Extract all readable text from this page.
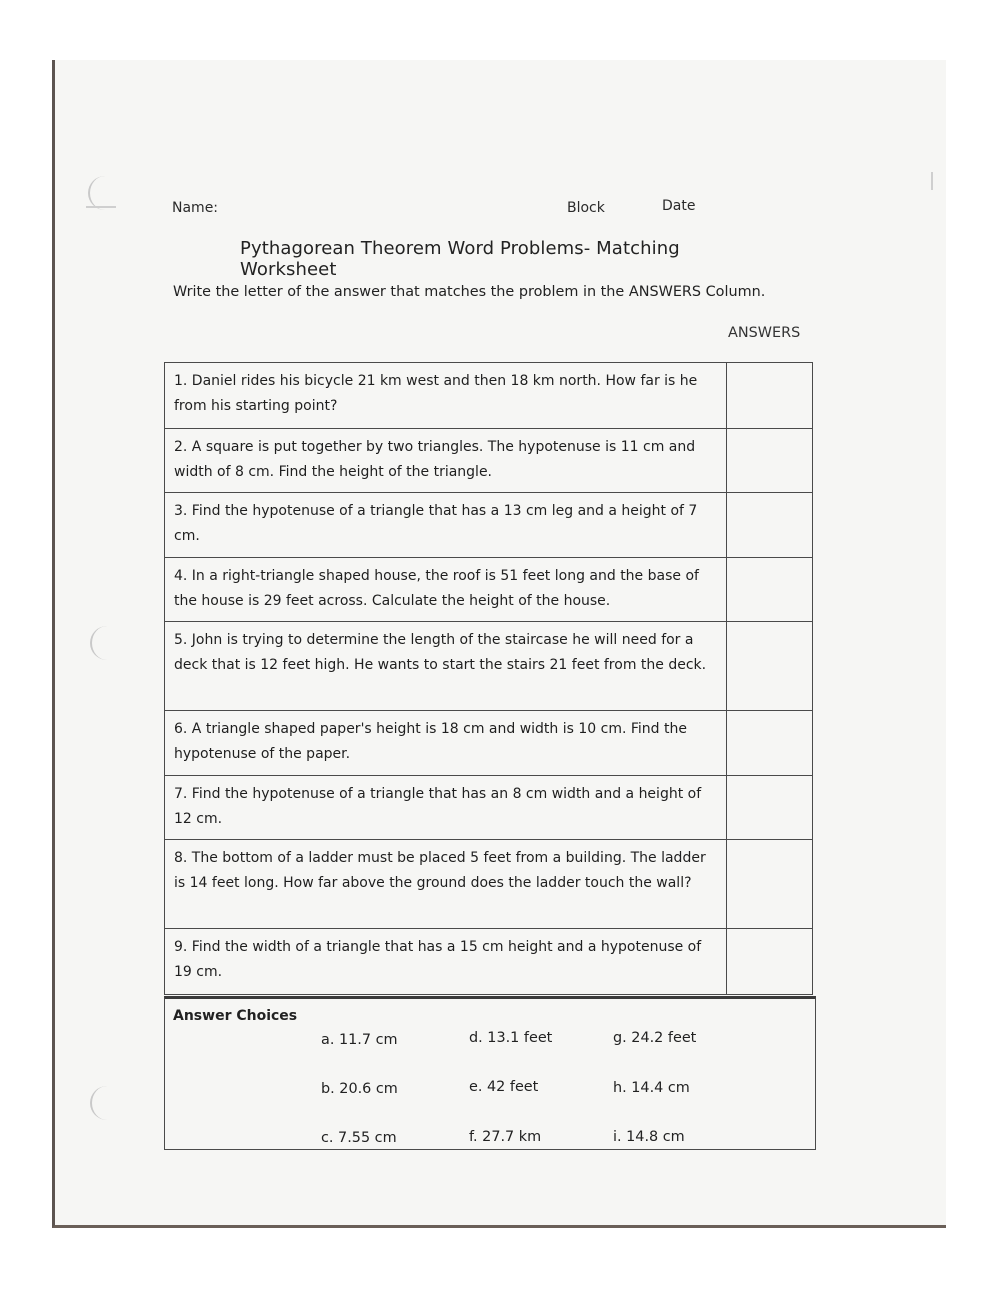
Name:	Block	Date
Pythagorean Theorem Word Problems- Matching Worksheet
Write the letter of the answer that matches the problem in the ANSWERS Column.
ANSWERS
1. Daniel rides his bicycle 21 km west and then 18 km north. How far is he from his starting point?	
2. A square is put together by two triangles. The hypotenuse is 11 cm and width of 8 cm. Find the height of the triangle.	
3. Find the hypotenuse of a triangle that has a 13 cm leg and a height of 7 cm.	
4. In a right-triangle shaped house, the roof is 51 feet long and the base of the house is 29 feet across. Calculate the height of the house.	
5. John is trying to determine the length of the staircase he will need for a deck that is 12 feet high. He wants to start the stairs 21 feet from the deck.	
6. A triangle shaped paper's height is 18 cm and width is 10 cm. Find the hypotenuse of the paper.	
7. Find the hypotenuse of a triangle that has an 8 cm width and a height of 12 cm.	
8. The bottom of a ladder must be placed 5 feet from a building. The ladder is 14 feet long. How far above the ground does the ladder touch the wall?	
9. Find the width of a triangle that has a 15 cm height and a hypotenuse of 19 cm.	
Answer Choices
a. 11.7 cm
b. 20.6 cm
c. 7.55 cm
d. 13.1 feet
e. 42 feet
f. 27.7 km
g. 24.2 feet
h. 14.4 cm
i. 14.8 cm
